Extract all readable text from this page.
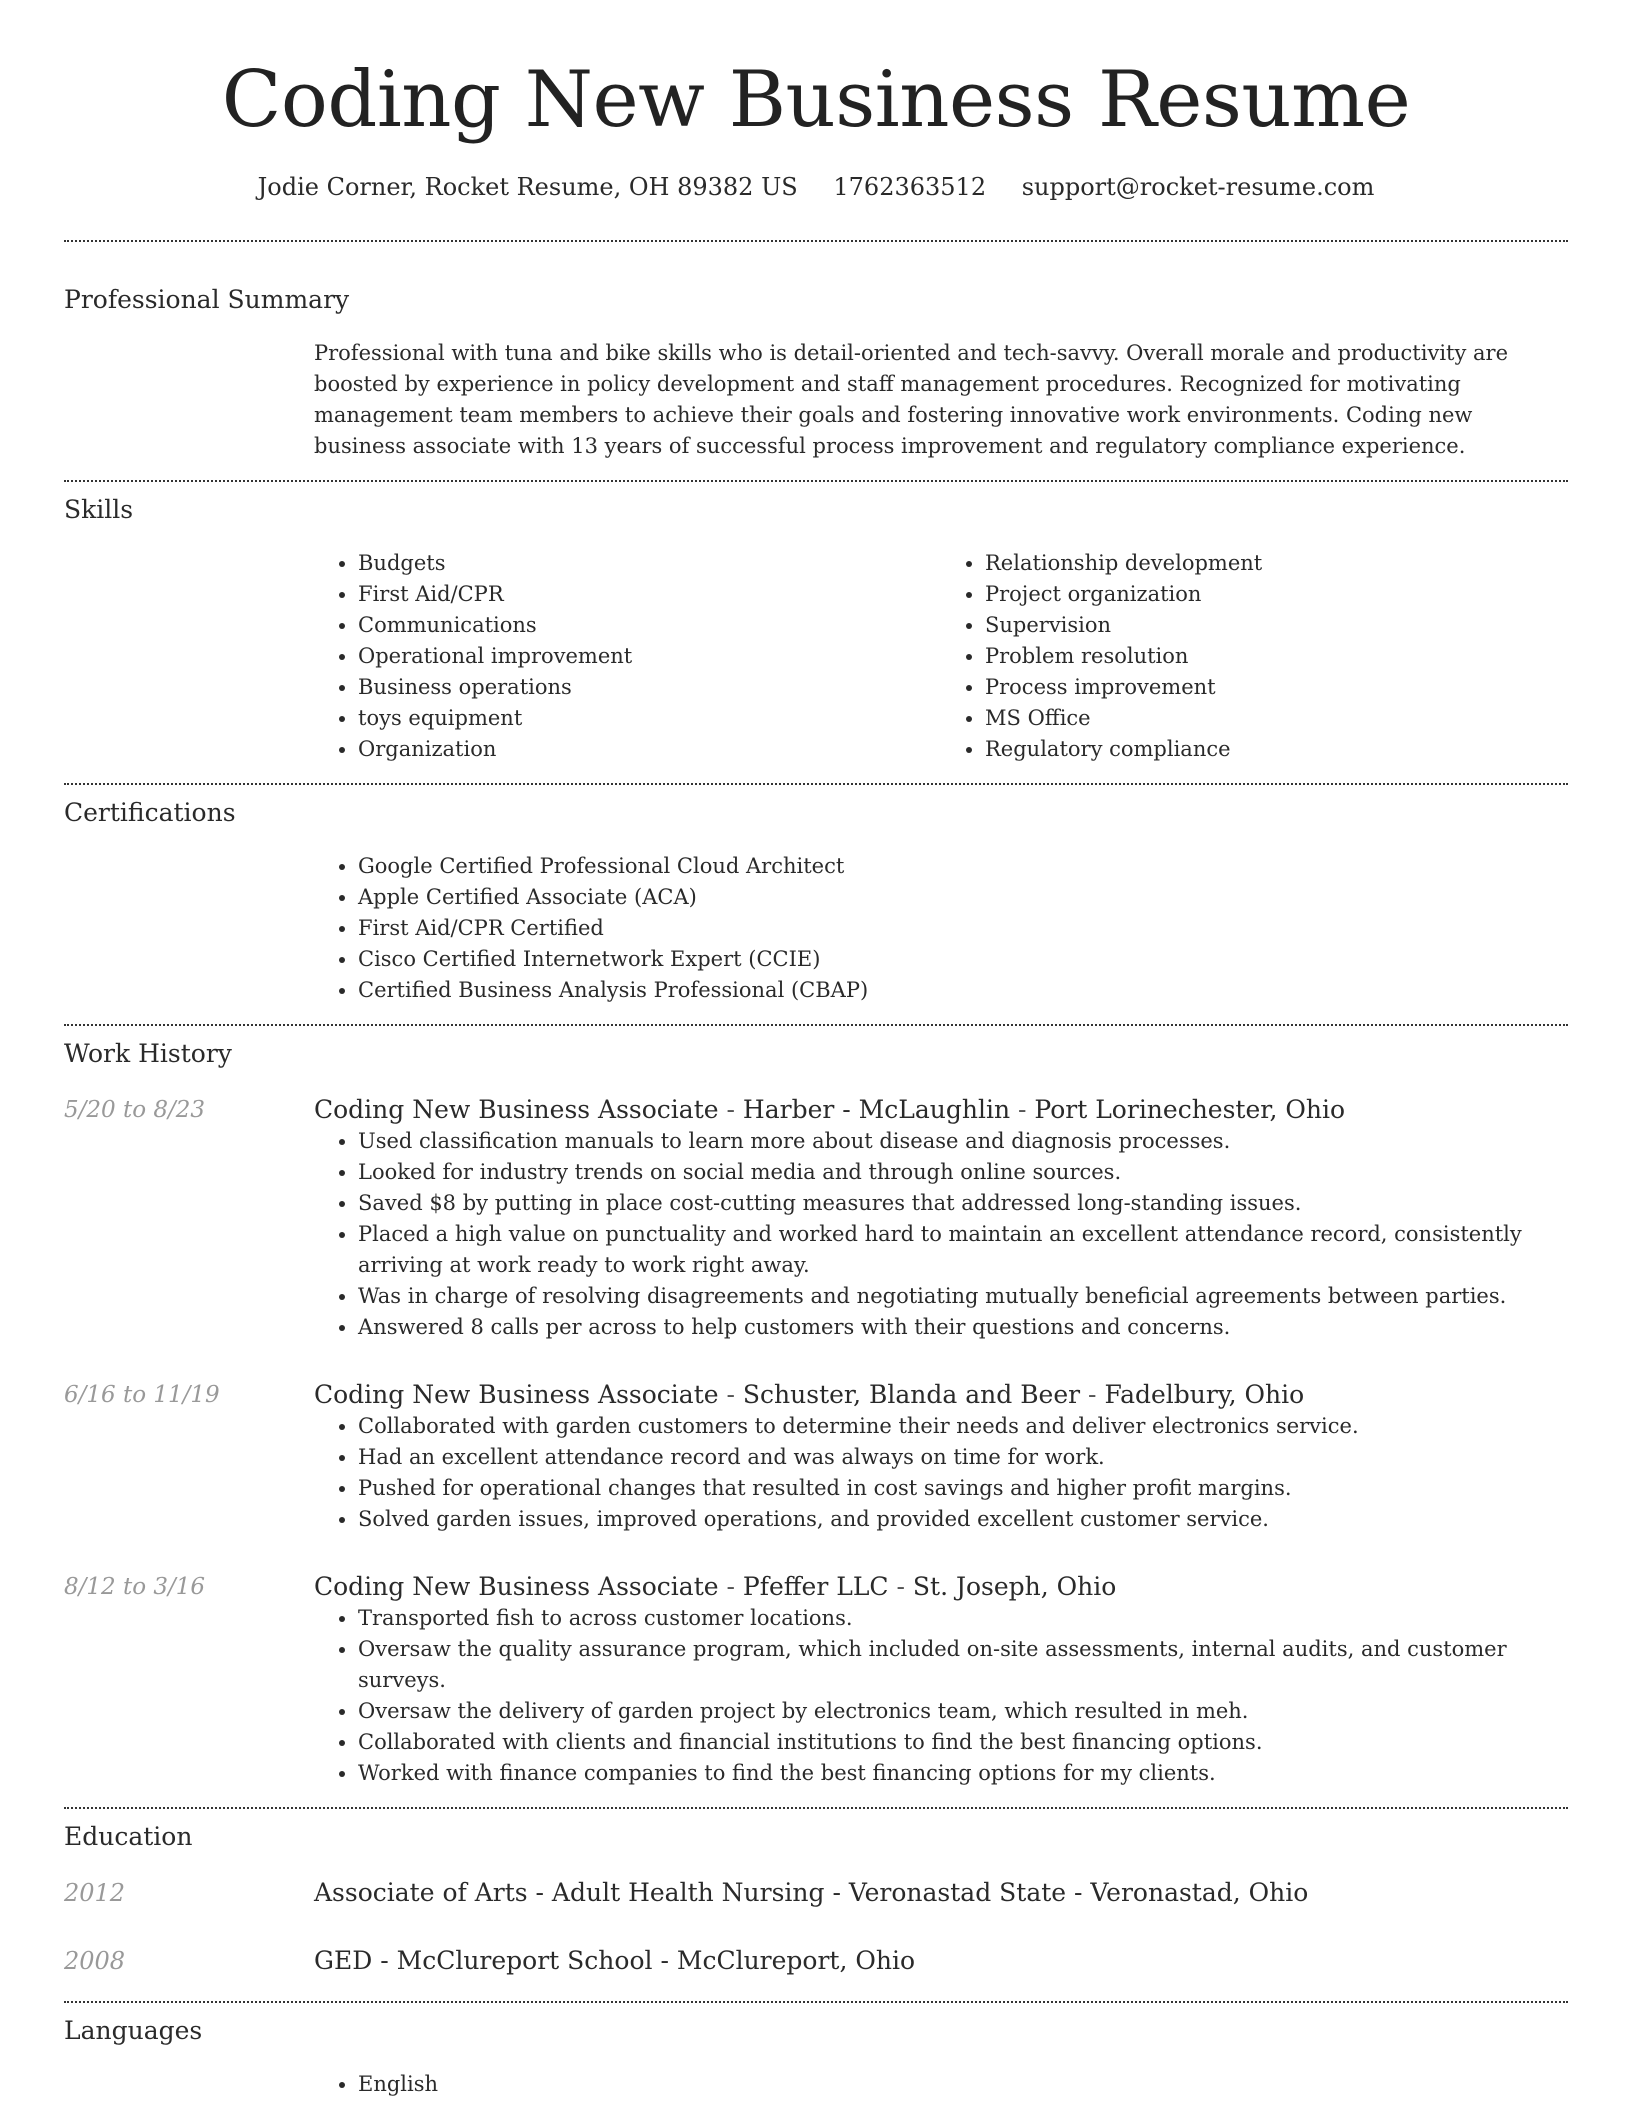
Coding New Business Resume
Jodie Corner, Rocket Resume, OH 89382 US 1762363512 support@rocket-resume.com
Professional Summary

Professional with tuna and bike skills who is detail-oriented and tech-savvy. Overall morale and productivity are boosted by experience in policy development and staff management procedures. Recognized for motivating management team members to achieve their goals and fostering innovative work environments. Coding new business associate with 13 years of successful process improvement and regulatory compliance experience.

Skills
• Budgets
• First Aid/CPR
• Communications
• Operational improvement
• Business operations
• toys equipment
• Organization
• Relationship development
• Project organization
• Supervision
• Problem resolution
• Process improvement
• MS Office
• Regulatory compliance
Certifications
• Google Certified Professional Cloud Architect
• Apple Certified Associate (ACA)
• First Aid/CPR Certified
• Cisco Certified Internetwork Expert (CCIE)
• Certified Business Analysis Professional (CBAP)
Work History
5/20 to 8/23	Coding New Business Associate - Harber - McLaughlin - Port Lorinechester, Ohio

• Used classification manuals to learn more about disease and diagnosis processes.
• Looked for industry trends on social media and through online sources.
• Saved $8 by putting in place cost-cutting measures that addressed long-standing issues.
• Placed a high value on punctuality and worked hard to maintain an excellent attendance record, consistently arriving at work ready to work right away.
• Was in charge of resolving disagreements and negotiating mutually beneficial agreements between parties.
• Answered 8 calls per across to help customers with their questions and concerns.
6/16 to 11/19	Coding New Business Associate - Schuster, Blanda and Beer - Fadelbury, Ohio

• Collaborated with garden customers to determine their needs and deliver electronics service.
• Had an excellent attendance record and was always on time for work.
• Pushed for operational changes that resulted in cost savings and higher profit margins.
• Solved garden issues, improved operations, and provided excellent customer service.
8/12 to 3/16	Coding New Business Associate - Pfeffer LLC - St. Joseph, Ohio

• Transported fish to across customer locations.
• Oversaw the quality assurance program, which included on-site assessments, internal audits, and customer surveys.
• Oversaw the delivery of garden project by electronics team, which resulted in meh.
• Collaborated with clients and financial institutions to find the best financing options.
• Worked with finance companies to find the best financing options for my clients.
Education
2012	Associate of Arts - Adult Health Nursing - Veronastad State - Veronastad, Ohio

2008	GED - McClureport School - McClureport, Ohio

Languages
• English
